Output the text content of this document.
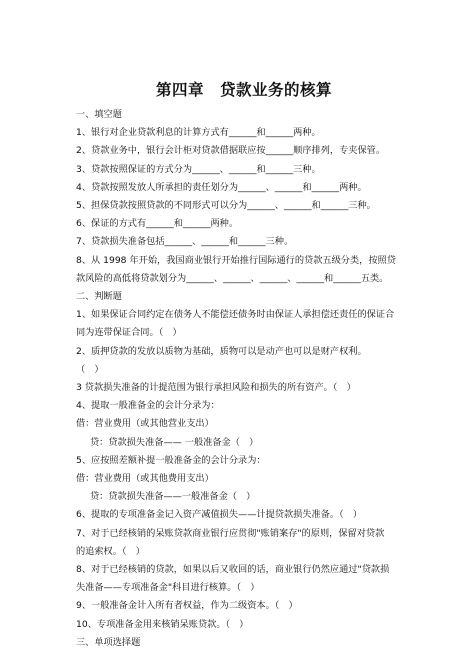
第四章　贷款业务的核算
一、填空题
1、银行对企业贷款利息的计算方式有______和______两种。
2、贷款业务中，银行会计柜对贷款借据联应按______顺序排列，专夹保管。
3、贷款按照保证的方式分为______、______和______三种。
4、贷款按照发放人所承担的责任划分为______、______和______两种。
5、担保贷款按照贷款的不同形式可以分为______、______和______三种。
6、保证的方式有______和______两种。
7、贷款损失准备包括______、______和______三种。
8、从 1998 年开始，我国商业银行开始推行国际通行的贷款五级分类，按照贷
款风险的高低将贷款划分为______、______、______、______和______五类。
二、判断题
1、如果保证合同约定在债务人不能偿还债务时由保证人承担偿还责任的保证合
同为连带保证合同。（　）
2、质押贷款的发放以质物为基础，质物可以是动产也可以是财产权利。
（　）
3 贷款损失准备的计提范围为银行承担风险和损失的所有资产。（　）
4、提取一般准备金的会计分录为：
借：营业费用（或其他营业支出）
贷：贷款损失准备—— 一般准备金（　）
5、应按照差额补提一般准备金的会计分录为：
借：营业费用（或其他费用支出）
贷：贷款损失准备——一般准备金（　）
6、提取的专项准备金记入资产减值损失——计提贷款损失准备。（　）
7、对于已经核销的呆账贷款商业银行应贯彻"账销案存"的原则，保留对贷款
的追索权。（　）
8、对于已经核销的贷款，如果以后又收回的话，商业银行仍然应通过"贷款损
失准备——专项准备金"科目进行核算。（　）
9、一般准备金计入所有者权益，作为二级资本。（　）
10、专项准备金用来核销呆账贷款。（　）
三、单项选择题
